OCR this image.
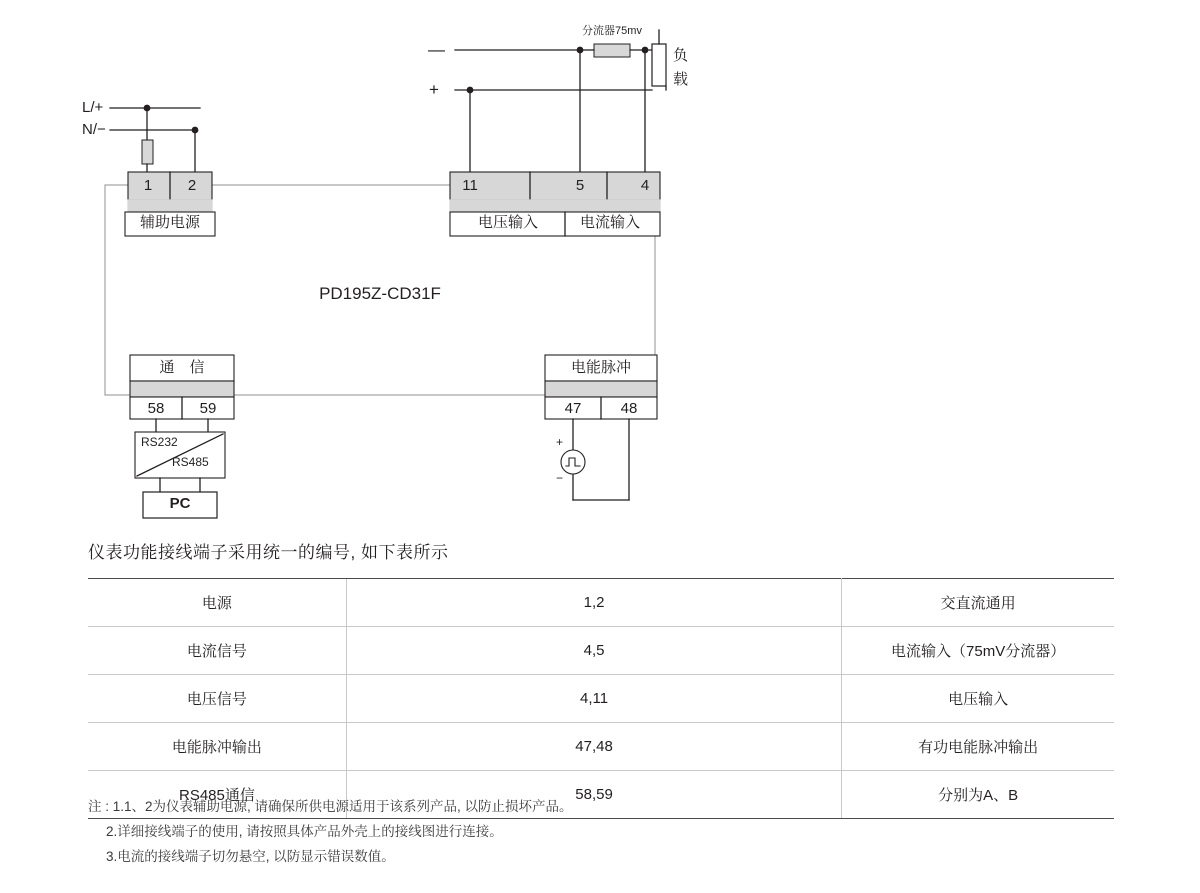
分流器75mv
—
+
负
载
L/+
N/−
1 2
辅助电源
11	5	4
电压输入	电流输入
PD195Z-CD31F
通　信
58 59
电能脉冲
47	48
RS232
RS485
PC
+
−
仪表功能接线端子采用统一的编号, 如下表所示
电源	1,2	交直流通用
电流信号	4,5	电流输入（75mV分流器）
电压信号	4,11	电压输入
电能脉冲输出	47,48	有功电能脉冲输出
RS485通信	58,59	分别为A、B
注 : 1.1、2为仪表辅助电源, 请确保所供电源适用于该系列产品, 以防止损坏产品。
2.详细接线端子的使用, 请按照具体产品外壳上的接线图进行连接。
3.电流的接线端子切勿悬空, 以防显示错误数值。
